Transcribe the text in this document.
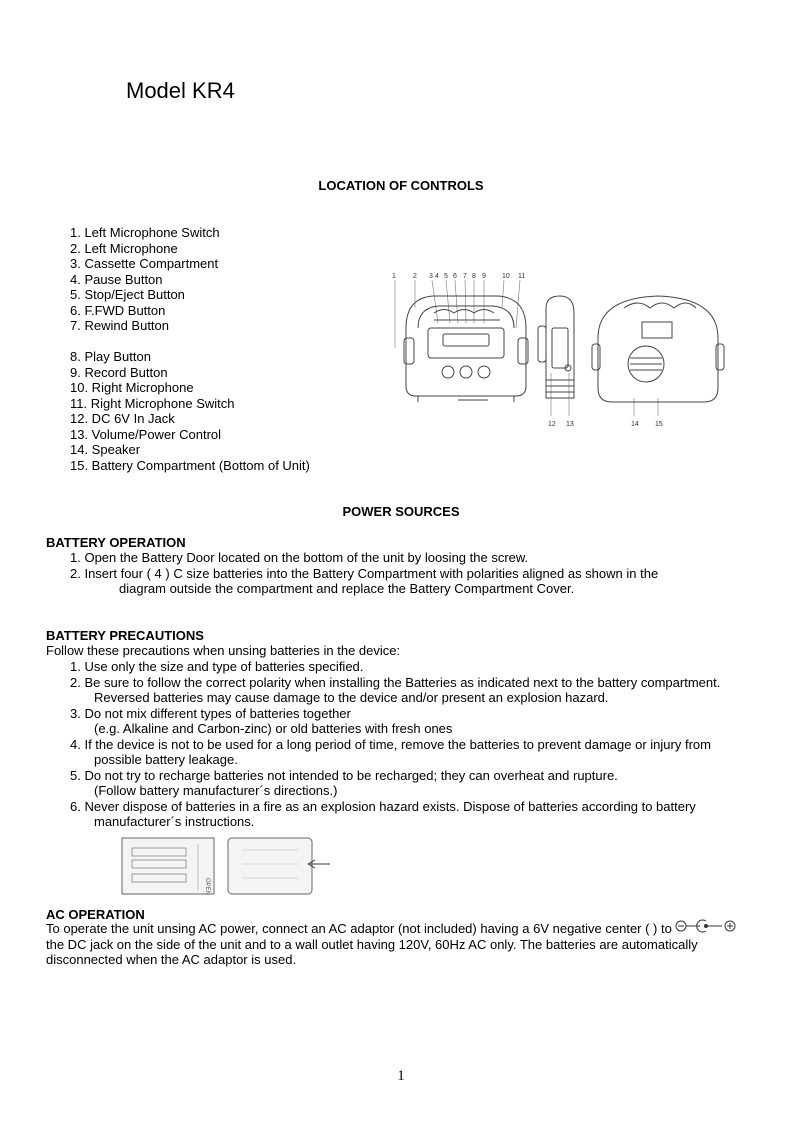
Model KR4
LOCATION OF CONTROLS
1. Left Microphone Switch
2. Left Microphone
3. Cassette Compartment
4. Pause Button
5. Stop/Eject Button
6. F.FWD Button
7. Rewind Button
8. Play Button
9. Record Button
10. Right Microphone
11. Right Microphone Switch
12. DC 6V In Jack
13. Volume/Power Control
14. Speaker
15. Battery Compartment (Bottom of Unit)
1 2 3 4 5 6 7 8 9 10 11
12 13	14 15
POWER SOURCES
BATTERY OPERATION
1. Open the Battery Door located on the bottom of the unit by loosing the screw.
2. Insert four ( 4 ) C size batteries into the Battery Compartment with polarities aligned as shown in the
diagram outside the compartment and replace the Battery Compartment Cover.
BATTERY PRECAUTIONS
Follow these precautions when unsing batteries in the device:
1. Use only the size and type of batteries specified.
2. Be sure to follow the correct polarity when installing the Batteries as indicated next to the battery compartment.
Reversed batteries may cause damage to the device and/or present an explosion hazard.
3. Do not mix different types of batteries together
(e.g. Alkaline and Carbon-zinc) or old batteries with fresh ones
4. If the device is not to be used for a long period of time, remove the batteries to prevent damage or injury from
possible battery leakage.
5. Do not try to recharge batteries not intended to be recharged; they can overheat and rupture.
(Follow battery manufacturer´s directions.)
6. Never dispose of batteries in a fire as an explosion hazard exists. Dispose of batteries according to battery
manufacturer´s instructions.
OPEN
AC OPERATION
To operate the unit unsing AC power, connect an AC adaptor (not included) having a 6V negative center ( ) to
the DC jack on the side of the unit and to a wall outlet having 120V, 60Hz AC only. The batteries are automatically
disconnected when the AC adaptor is used.
1
